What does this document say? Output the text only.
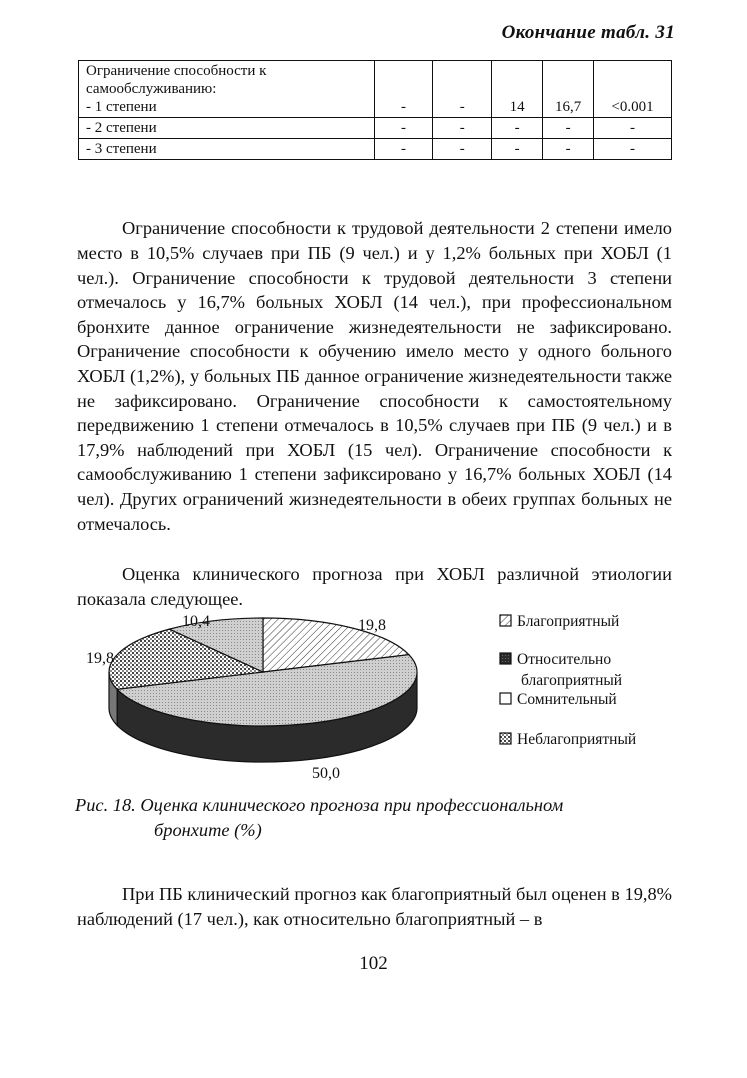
Окончание табл. 31
Ограничение способности к
самообслуживанию:
- 1 степени	-	-	14	16,7	<0.001
- 2 степени	-	-	-	-	-
- 3 степени	-	-	-	-	-

Ограничение способности к трудовой деятельности 2 степени имело место в 10,5% случаев при ПБ (9 чел.) и у 1,2% больных при ХОБЛ (1 чел.). Ограничение способности к трудовой деятельности 3 степени отмечалось у 16,7% больных ХОБЛ (14 чел.), при профессиональном бронхите данное ограничение жизнедеятельности не зафиксировано. Ограничение способности к обучению имело место у одного больного ХОБЛ (1,2%), у больных ПБ данное ограничение жизнедеятельности также не зафиксировано. Ограничение способности к самостоятельному передвижению 1 степени отмечалось в 10,5% случаев при ПБ (9 чел.) и в 17,9% наблюдений при ХОБЛ (15 чел). Ограничение способности к самообслуживанию 1 степени зафиксировано у 16,7% больных ХОБЛ (14 чел). Других ограничений жизнедеятельности в обеих группах больных не отмечалось.

Оценка клинического прогноза при ХОБЛ различной этиологии показала следующее.

19,8
50,0
19,8
10,4	Благоприятный
Относительно
благоприятный
Сомнительный
Неблагоприятный
Рис. 18. Оценка клинического прогноза при профессиональном
бронхите (%)

При ПБ клинический прогноз как благоприятный был оценен в 19,8% наблюдений (17 чел.), как относительно благоприятный – в

102
